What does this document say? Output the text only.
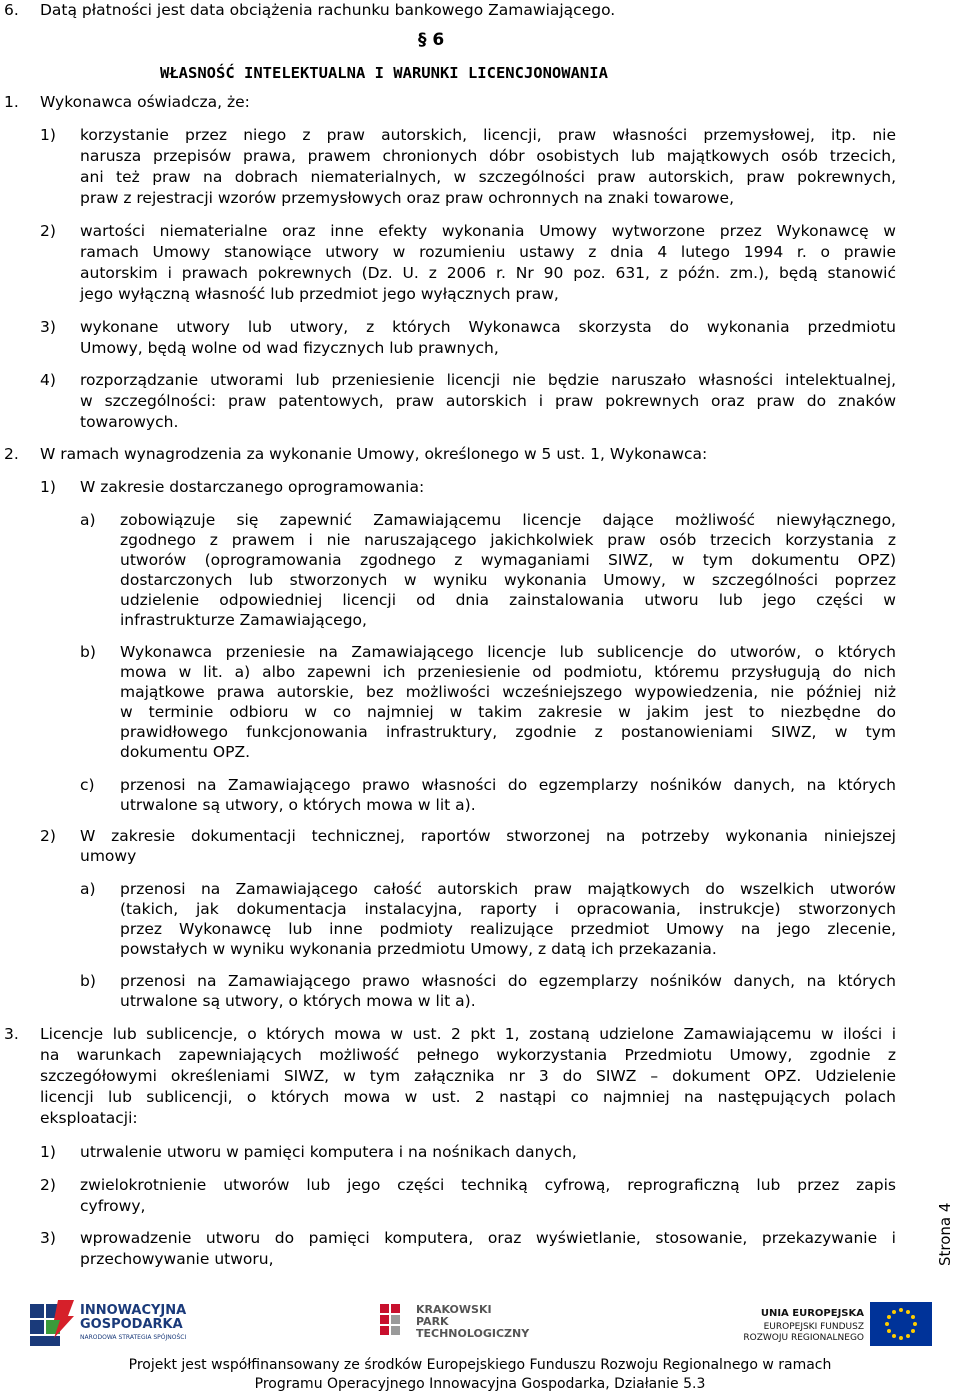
6. Datą płatności jest data obciążenia rachunku bankowego Zamawiającego.
§ 6
WŁASNOŚĆ INTELEKTUALNA I WARUNKI LICENCJONOWANIA
1. Wykonawca oświadcza, że:
1) korzystanie przez niego z praw autorskich, licencji, praw własności przemysłowej, itp. nie
narusza przepisów prawa, prawem chronionych dóbr osobistych lub majątkowych osób trzecich,
ani też praw na dobrach niematerialnych, w szczególności praw autorskich, praw pokrewnych,
praw z rejestracji wzorów przemysłowych oraz praw ochronnych na znaki towarowe,
2) wartości niematerialne oraz inne efekty wykonania Umowy wytworzone przez Wykonawcę w
ramach Umowy stanowiące utwory w rozumieniu ustawy z dnia 4 lutego 1994 r. o prawie
autorskim i prawach pokrewnych (Dz. U. z 2006 r. Nr 90 poz. 631, z późn. zm.), będą stanowić
jego wyłączną własność lub przedmiot jego wyłącznych praw,
3) wykonane utwory lub utwory, z których Wykonawca skorzysta do wykonania przedmiotu
Umowy, będą wolne od wad fizycznych lub prawnych,
4) rozporządzanie utworami lub przeniesienie licencji nie będzie naruszało własności intelektualnej,
w szczególności: praw patentowych, praw autorskich i praw pokrewnych oraz praw do znaków
towarowych.
2. W ramach wynagrodzenia za wykonanie Umowy, określonego w 5 ust. 1, Wykonawca:
1) W zakresie dostarczanego oprogramowania:
a) zobowiązuje się zapewnić Zamawiającemu licencje dające możliwość niewyłącznego,
zgodnego z prawem i nie naruszającego jakichkolwiek praw osób trzecich korzystania z
utworów (oprogramowania zgodnego z wymaganiami SIWZ, w tym dokumentu OPZ)
dostarczonych lub stworzonych w wyniku wykonania Umowy, w szczególności poprzez
udzielenie odpowiedniej licencji od dnia zainstalowania utworu lub jego części w
infrastrukturze Zamawiającego,
b) Wykonawca przeniesie na Zamawiającego licencje lub sublicencje do utworów, o których
mowa w lit. a) albo zapewni ich przeniesienie od podmiotu, któremu przysługują do nich
majątkowe prawa autorskie, bez możliwości wcześniejszego wypowiedzenia, nie później niż
w terminie odbioru w co najmniej w takim zakresie w jakim jest to niezbędne do
prawidłowego funkcjonowania infrastruktury, zgodnie z postanowieniami SIWZ, w tym
dokumentu OPZ.
c) przenosi na Zamawiającego prawo własności do egzemplarzy nośników danych, na których
utrwalone są utwory, o których mowa w lit a).
2) W zakresie dokumentacji technicznej, raportów stworzonej na potrzeby wykonania niniejszej
umowy
a) przenosi na Zamawiającego całość autorskich praw majątkowych do wszelkich utworów
(takich, jak dokumentacja instalacyjna, raporty i opracowania, instrukcje) stworzonych
przez Wykonawcę lub inne podmioty realizujące przedmiot Umowy na jego zlecenie,
powstałych w wyniku wykonania przedmiotu Umowy, z datą ich przekazania.
b) przenosi na Zamawiającego prawo własności do egzemplarzy nośników danych, na których
utrwalone są utwory, o których mowa w lit a).
3. Licencje lub sublicencje, o których mowa w ust. 2 pkt 1, zostaną udzielone Zamawiającemu w ilości i
na warunkach zapewniających możliwość pełnego wykorzystania Przedmiotu Umowy, zgodnie z
szczegółowymi określeniami SIWZ, w tym załącznika nr 3 do SIWZ – dokument OPZ. Udzielenie
licencji lub sublicencji, o których mowa w ust. 2 nastąpi co najmniej na następujących polach
eksploatacji:
1) utrwalenie utworu w pamięci komputera i na nośnikach danych,
2) zwielokrotnienie utworów lub jego części techniką cyfrową, reprograficzną lub przez zapis
cyfrowy,
3) wprowadzenie utworu do pamięci komputera, oraz wyświetlanie, stosowanie, przekazywanie i
przechowywanie utworu,	Strona 4
INNOWACYJNA
GOSPODARKA
NARODOWA STRATEGIA SPÓJNOŚCI
KRAKOWSKI
PARK
TECHNOLOGICZNY
UNIA EUROPEJSKA
EUROPEJSKI FUNDUSZ
ROZWOJU REGIONALNEGO
Projekt jest współfinansowany ze środków Europejskiego Funduszu Rozwoju Regionalnego w ramach
Programu Operacyjnego Innowacyjna Gospodarka, Działanie 5.3
